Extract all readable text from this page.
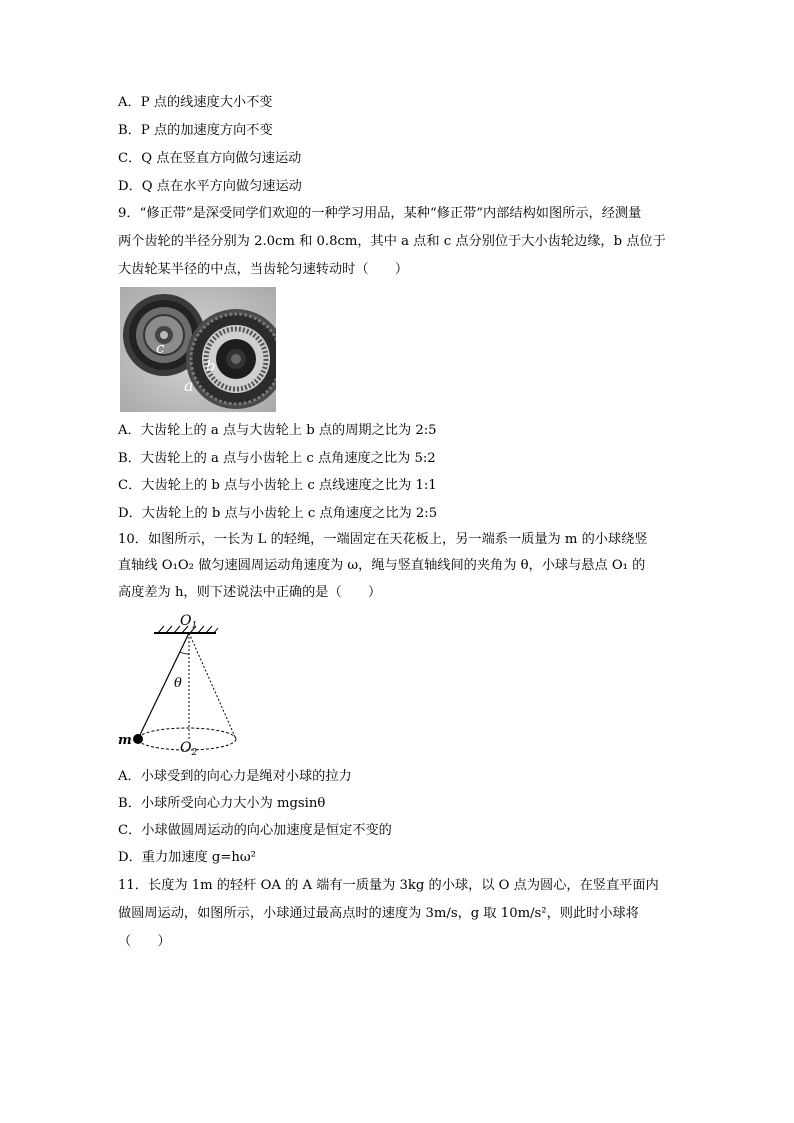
A．P 点的线速度大小不变
B．P 点的加速度方向不变
C．Q 点在竖直方向做匀速运动
D．Q 点在水平方向做匀速运动
9．“修正带”是深受同学们欢迎的一种学习用品，某种“修正带”内部结构如图所示，经测量
两个齿轮的半径分别为 2.0cm 和 0.8cm，其中 a 点和 c 点分别位于大小齿轮边缘，b 点位于
大齿轮某半径的中点，当齿轮匀速转动时（　　）
c
b
a
A．大齿轮上的 a 点与大齿轮上 b 点的周期之比为 2:5
B．大齿轮上的 a 点与小齿轮上 c 点角速度之比为 5:2
C．大齿轮上的 b 点与小齿轮上 c 点线速度之比为 1:1
D．大齿轮上的 b 点与小齿轮上 c 点角速度之比为 2:5
10．如图所示，一长为 L 的轻绳，一端固定在天花板上，另一端系一质量为 m 的小球绕竖
直轴线 O₁O₂ 做匀速圆周运动角速度为 ω，绳与竖直轴线间的夹角为 θ，小球与悬点 O₁ 的
高度差为 h，则下述说法中正确的是（　　）
$O_1$
$O_2$
θ
m
A．小球受到的向心力是绳对小球的拉力
B．小球所受向心力大小为 mgsinθ
C．小球做圆周运动的向心加速度是恒定不变的
D．重力加速度 g=hω²
11．长度为 1m 的轻杆 OA 的 A 端有一质量为 3kg 的小球，以 O 点为圆心，在竖直平面内
做圆周运动，如图所示，小球通过最高点时的速度为 3m/s，g 取 10m/s²，则此时小球将
（　　）
